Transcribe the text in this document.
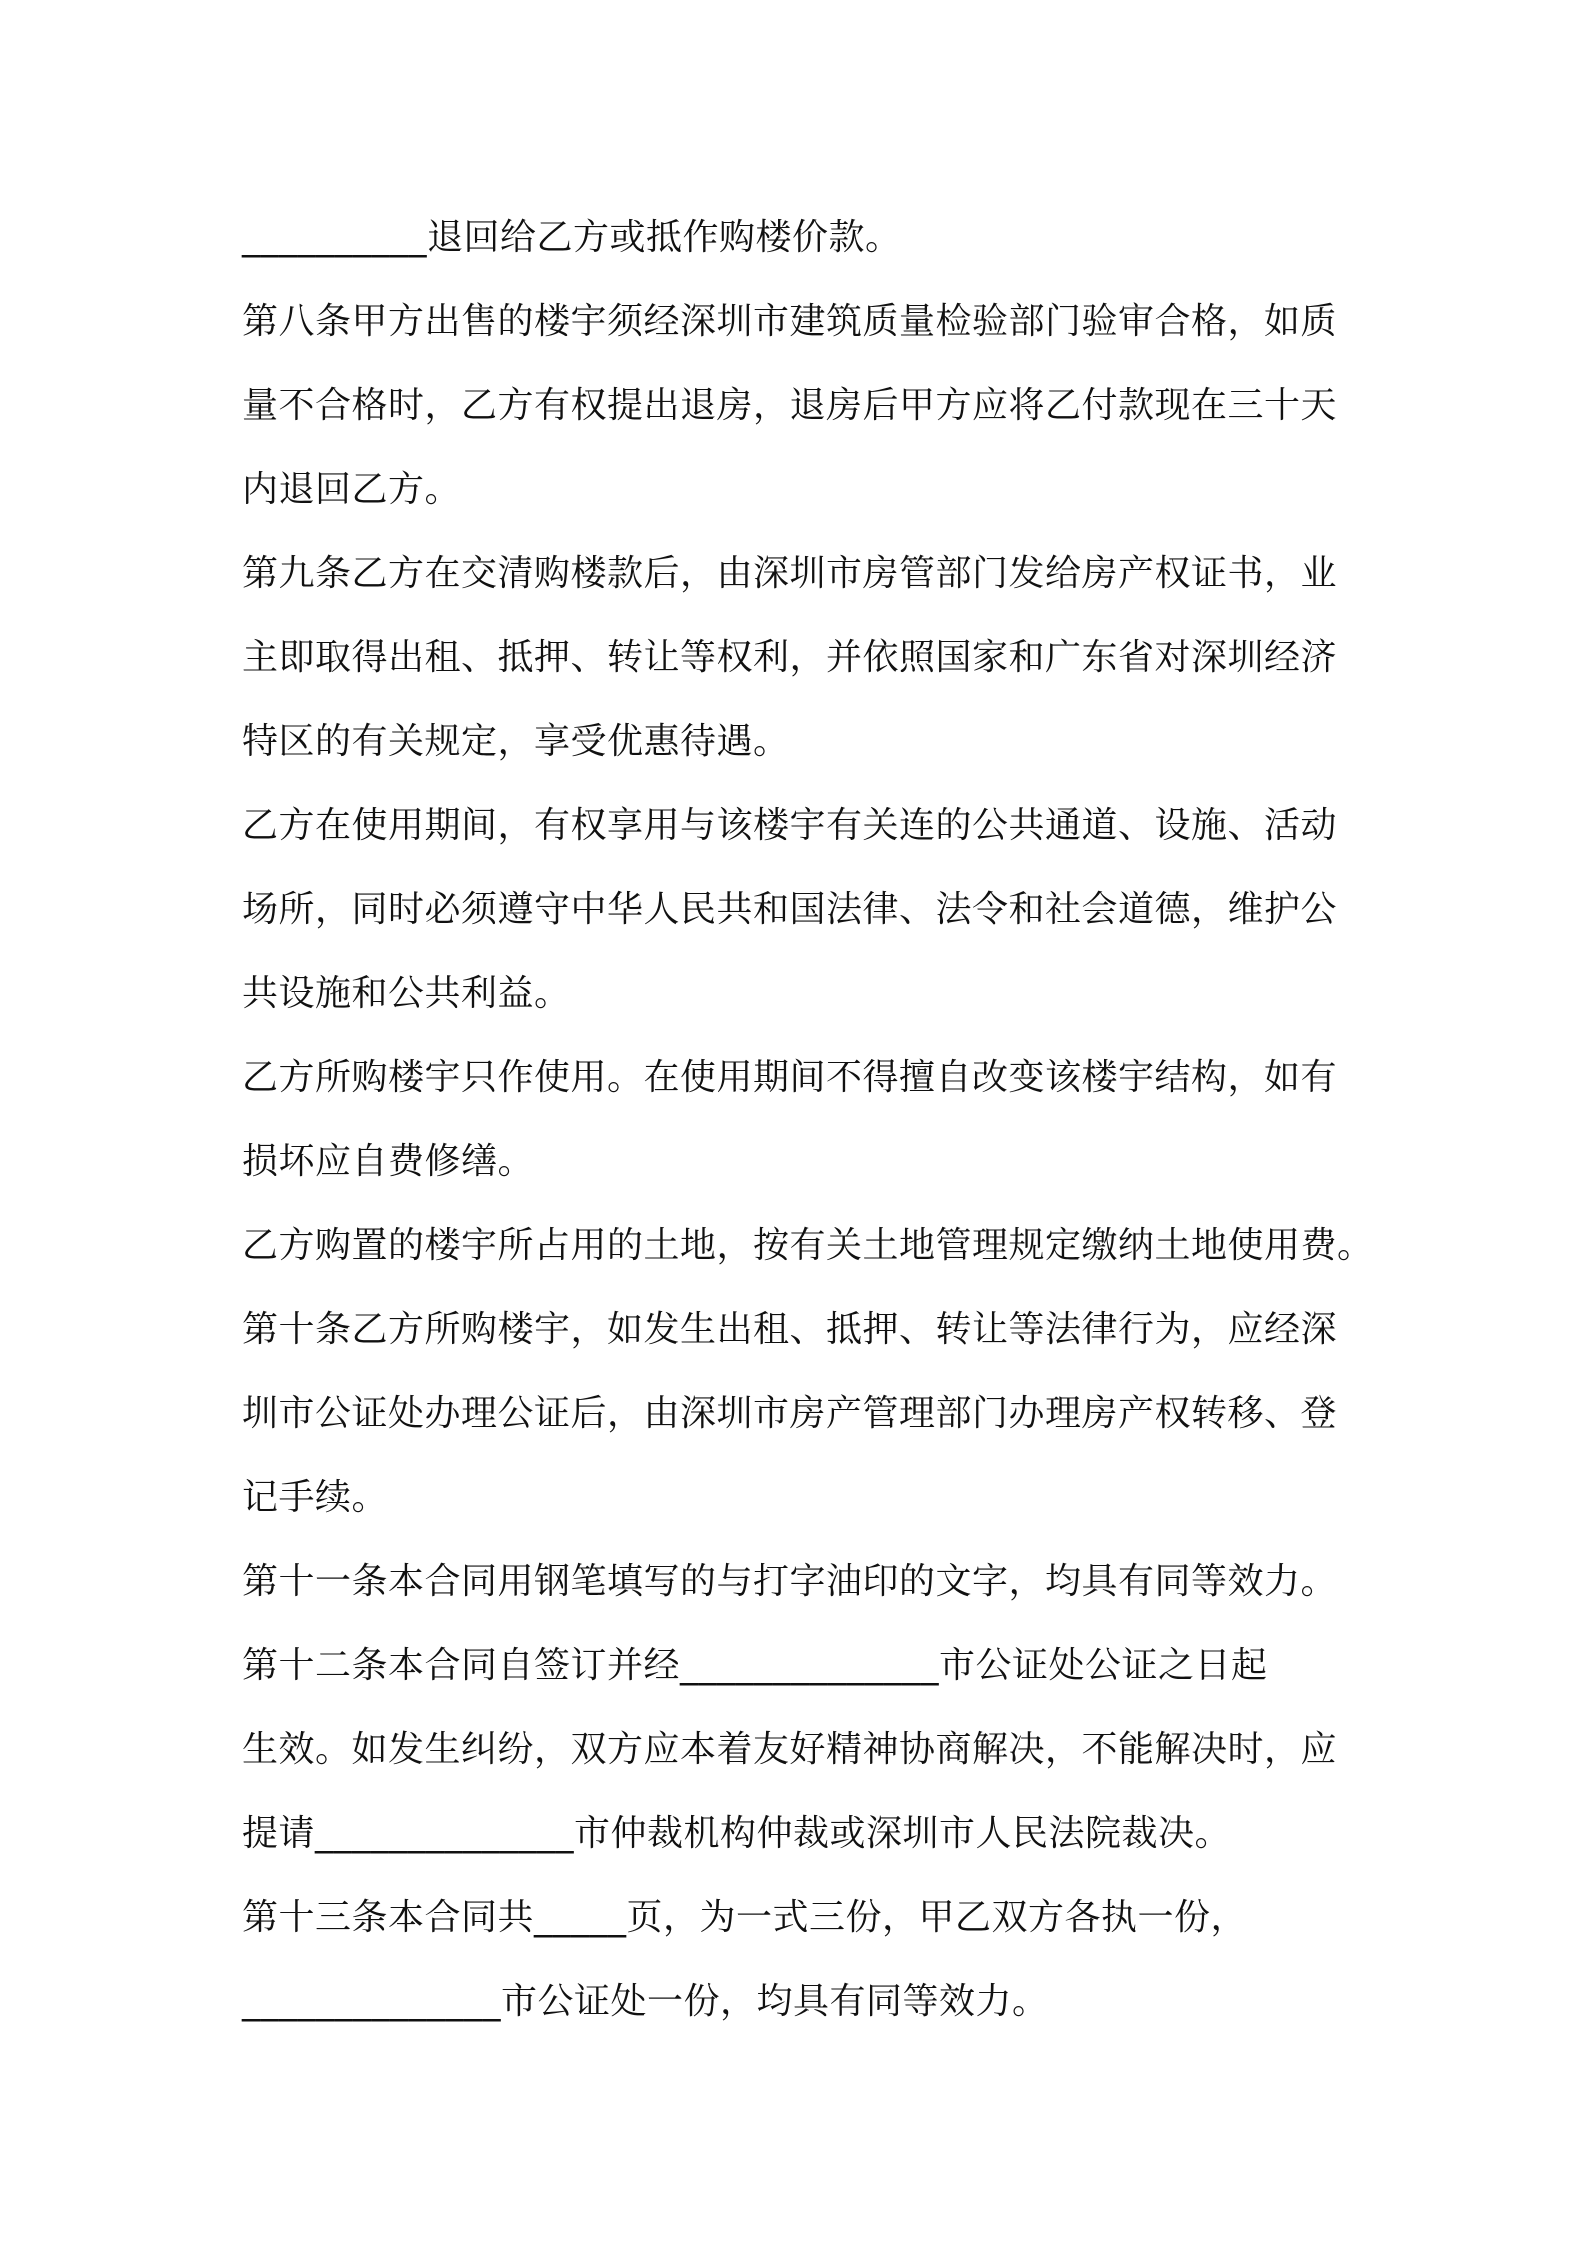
__________退回给乙方或抵作购楼价款。

第八条甲方出售的楼宇须经深圳市建筑质量检验部门验审合格，如质

量不合格时，乙方有权提出退房，退房后甲方应将乙付款现在三十天

内退回乙方。

第九条乙方在交清购楼款后，由深圳市房管部门发给房产权证书，业

主即取得出租、抵押、转让等权利，并依照国家和广东省对深圳经济

特区的有关规定，享受优惠待遇。

乙方在使用期间，有权享用与该楼宇有关连的公共通道、设施、活动

场所，同时必须遵守中华人民共和国法律、法令和社会道德，维护公

共设施和公共利益。

乙方所购楼宇只作使用。在使用期间不得擅自改变该楼宇结构，如有

损坏应自费修缮。

乙方购置的楼宇所占用的土地，按有关土地管理规定缴纳土地使用费。

第十条乙方所购楼宇，如发生出租、抵押、转让等法律行为，应经深

圳市公证处办理公证后，由深圳市房产管理部门办理房产权转移、登

记手续。

第十一条本合同用钢笔填写的与打字油印的文字，均具有同等效力。

第十二条本合同自签订并经______________市公证处公证之日起

生效。如发生纠纷，双方应本着友好精神协商解决，不能解决时，应

提请______________市仲裁机构仲裁或深圳市人民法院裁决。

第十三条本合同共_____页，为一式三份，甲乙双方各执一份，

______________市公证处一份，均具有同等效力。
